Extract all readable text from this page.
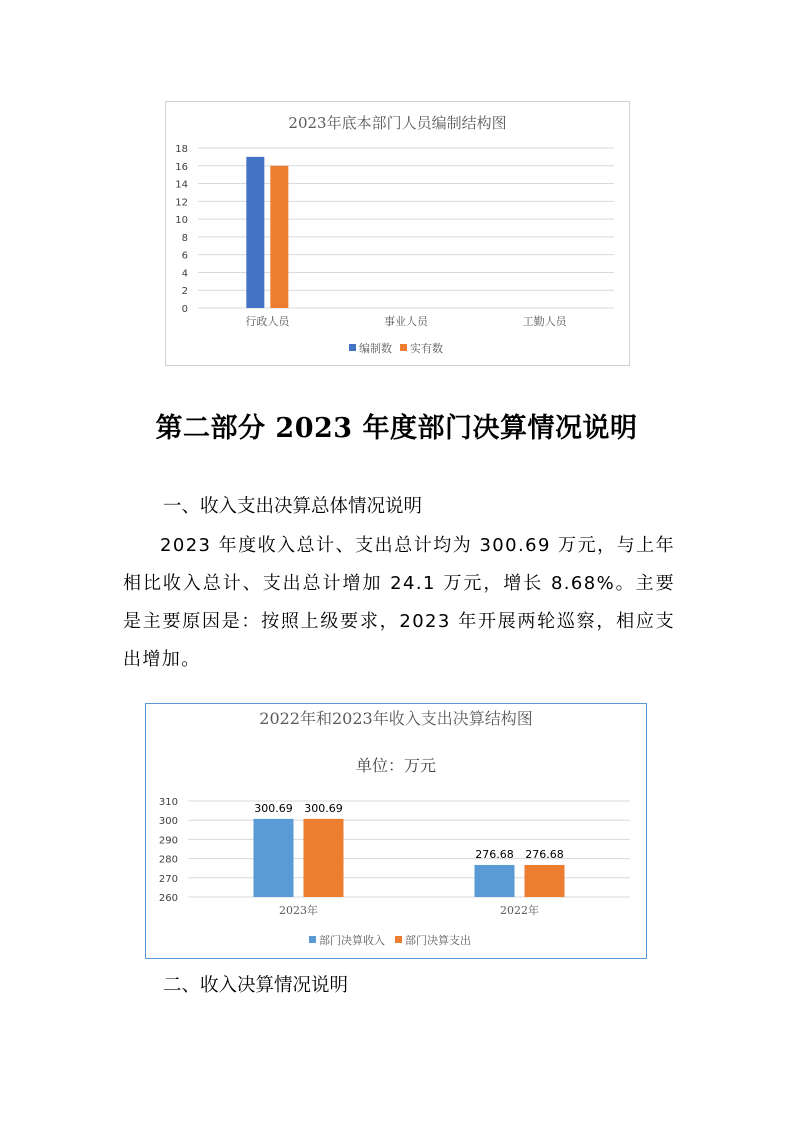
2023年底本部门人员编制结构图
0
2
4
6
8
10
12
14
16
18
行政人员	事业人员	工勤人员
编制数 实有数
第二部分 2023 年度部门决算情况说明
一、收入支出决算总体情况说明

2023 年度收入总计、支出总计均为 300.69 万元，与上年相比收入总计、支出总计增加 24.1 万元，增长 8.68%。主要是主要原因是：按照上级要求，2023 年开展两轮巡察，相应支出增加。

2022年和2023年收入支出决算结构图
单位：万元
260
270
280
290
300
310	300.69
276.68
300.69
276.68
2023年	2022年
部门决算收入 部门决算支出
二、收入决算情况说明
